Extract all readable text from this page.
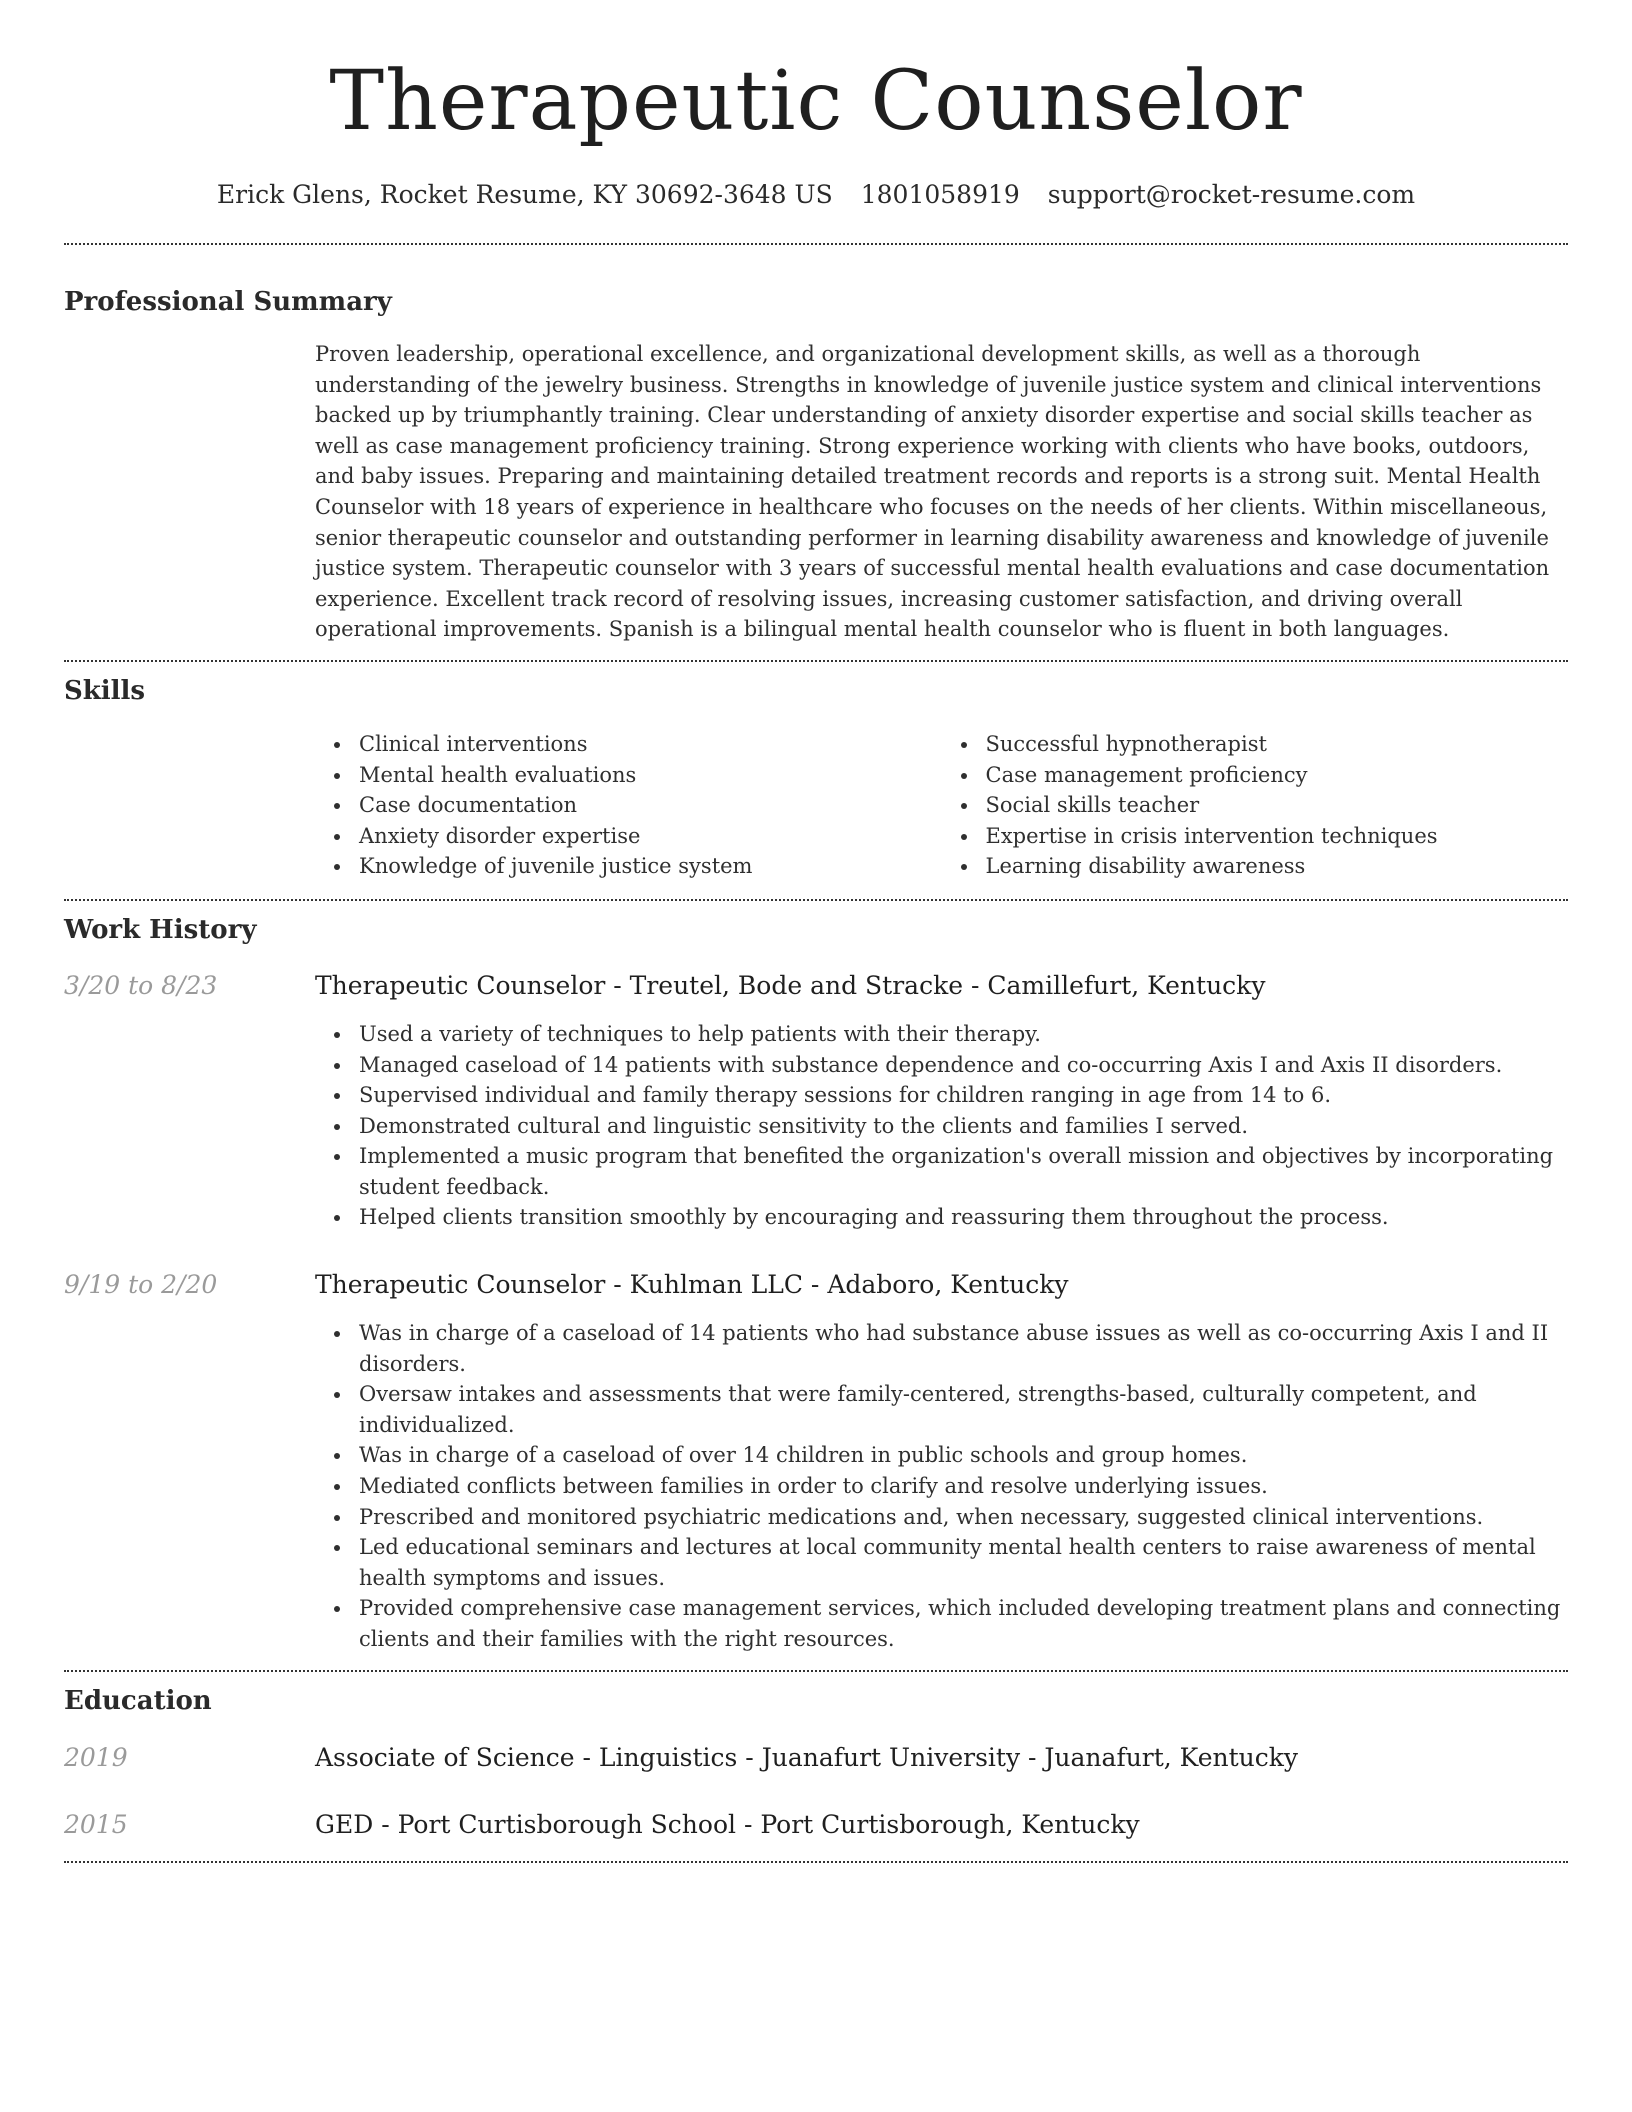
Therapeutic Counselor
Erick Glens, Rocket Resume, KY 30692-3648 US 1801058919 support@rocket-resume.com
Professional Summary

Proven leadership, operational excellence, and organizational development skills, as well as a thorough understanding of the jewelry business. Strengths in knowledge of juvenile justice system and clinical interventions backed up by triumphantly training. Clear understanding of anxiety disorder expertise and social skills teacher as well as case management proficiency training. Strong experience working with clients who have books, outdoors, and baby issues. Preparing and maintaining detailed treatment records and reports is a strong suit. Mental Health Counselor with 18 years of experience in healthcare who focuses on the needs of her clients. Within miscellaneous, senior therapeutic counselor and outstanding performer in learning disability awareness and knowledge of juvenile justice system. Therapeutic counselor with 3 years of successful mental health evaluations and case documentation experience. Excellent track record of resolving issues, increasing customer satisfaction, and driving overall operational improvements. Spanish is a bilingual mental health counselor who is fluent in both languages.

Skills
Clinical interventions
Mental health evaluations
Case documentation
Anxiety disorder expertise
Knowledge of juvenile justice system
Successful hypnotherapist
Case management proficiency
Social skills teacher
Expertise in crisis intervention techniques
Learning disability awareness
Work History
3/20 to 8/23	Therapeutic Counselor - Treutel, Bode and Stracke - Camillefurt, Kentucky
Used a variety of techniques to help patients with their therapy.
Managed caseload of 14 patients with substance dependence and co-occurring Axis I and Axis II disorders.
Supervised individual and family therapy sessions for children ranging in age from 14 to 6.
Demonstrated cultural and linguistic sensitivity to the clients and families I served.
Implemented a music program that benefited the organization's overall mission and objectives by incorporating student feedback.
Helped clients transition smoothly by encouraging and reassuring them throughout the process.
9/19 to 2/20	Therapeutic Counselor - Kuhlman LLC - Adaboro, Kentucky
Was in charge of a caseload of 14 patients who had substance abuse issues as well as co-occurring Axis I and II disorders.
Oversaw intakes and assessments that were family-centered, strengths-based, culturally competent, and individualized.
Was in charge of a caseload of over 14 children in public schools and group homes.
Mediated conflicts between families in order to clarify and resolve underlying issues.
Prescribed and monitored psychiatric medications and, when necessary, suggested clinical interventions.
Led educational seminars and lectures at local community mental health centers to raise awareness of mental health symptoms and issues.
Provided comprehensive case management services, which included developing treatment plans and connecting clients and their families with the right resources.
Education
2019	Associate of Science - Linguistics - Juanafurt University - Juanafurt, Kentucky
2015	GED - Port Curtisborough School - Port Curtisborough, Kentucky
